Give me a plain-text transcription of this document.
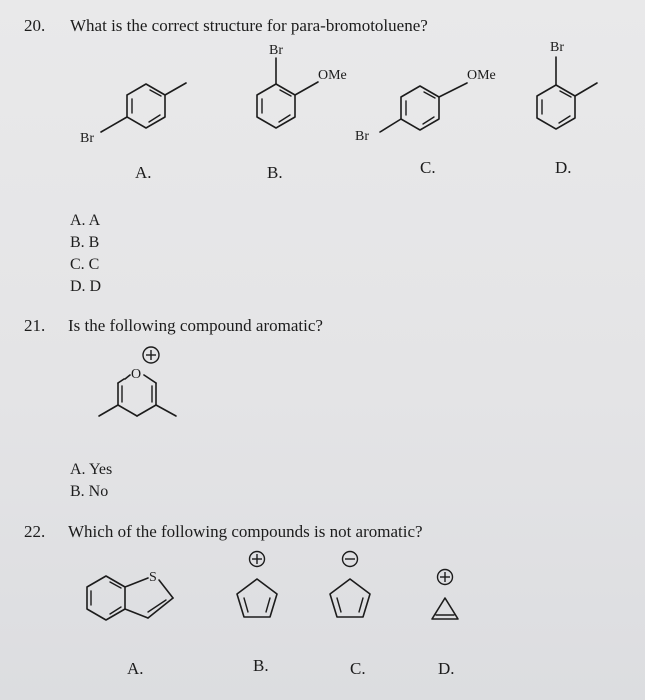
20. What is the correct structure for para-bromotoluene?
Br
Br
OMe
Br
OMe
Br
A.	B.	C.	D.
A. A
B. B
C. C
D. D
21. Is the following compound aromatic?
O
A. Yes
B. No
22. Which of the following compounds is not aromatic?
S
A.	B.	C.	D.
